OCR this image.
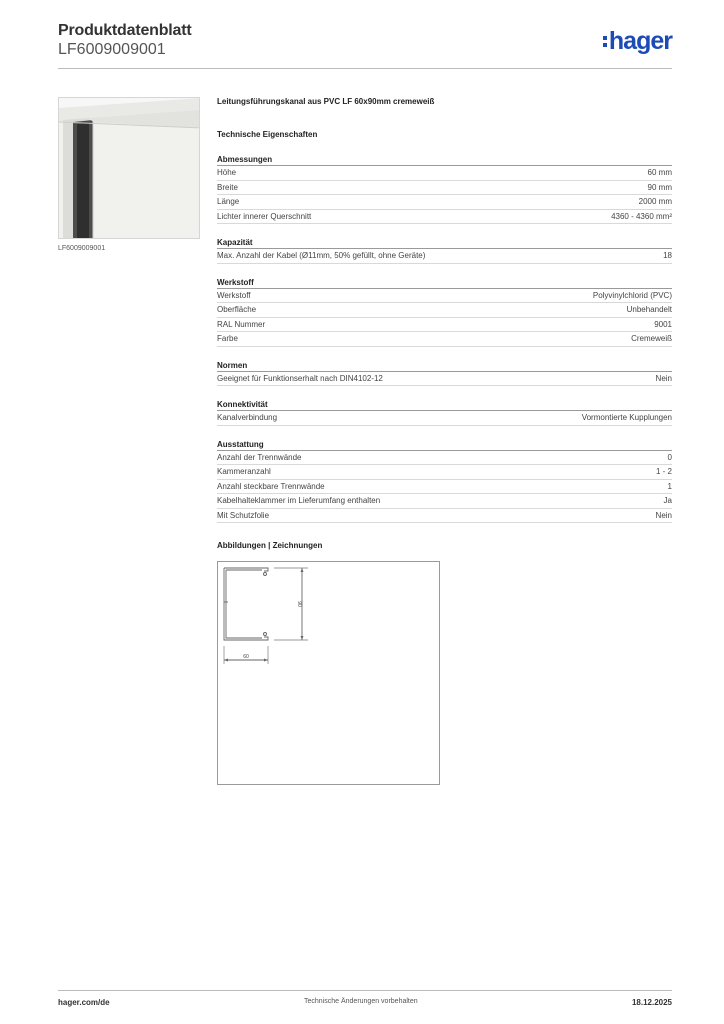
Produktdatenblatt
LF6009009001	hager
LF6009009001
Leitungsführungskanal aus PVC LF 60x90mm cremeweiß
Technische Eigenschaften
Abmessungen
Höhe	60 mm
Breite	90 mm
Länge	2000 mm
Lichter innerer Querschnitt	4360 - 4360 mm²
Kapazität
Max. Anzahl der Kabel (Ø11mm, 50% gefüllt, ohne Geräte)	18
Werkstoff
Werkstoff	Polyvinylchlorid (PVC)
Oberfläche	Unbehandelt
RAL Nummer	9001
Farbe	Cremeweiß
Normen
Geeignet für Funktionserhalt nach DIN4102-12	Nein
Konnektivität
Kanalverbindung	Vormontierte Kupplungen
Ausstattung
Anzahl der Trennwände	0
Kammeranzahl	1 - 2
Anzahl steckbare Trennwände	1
Kabelhalteklammer im Lieferumfang enthalten	Ja
Mit Schutzfolie	Nein
Abbildungen | Zeichnungen
60
90
hager.com/de	Technische Änderungen vorbehalten	18.12.2025
